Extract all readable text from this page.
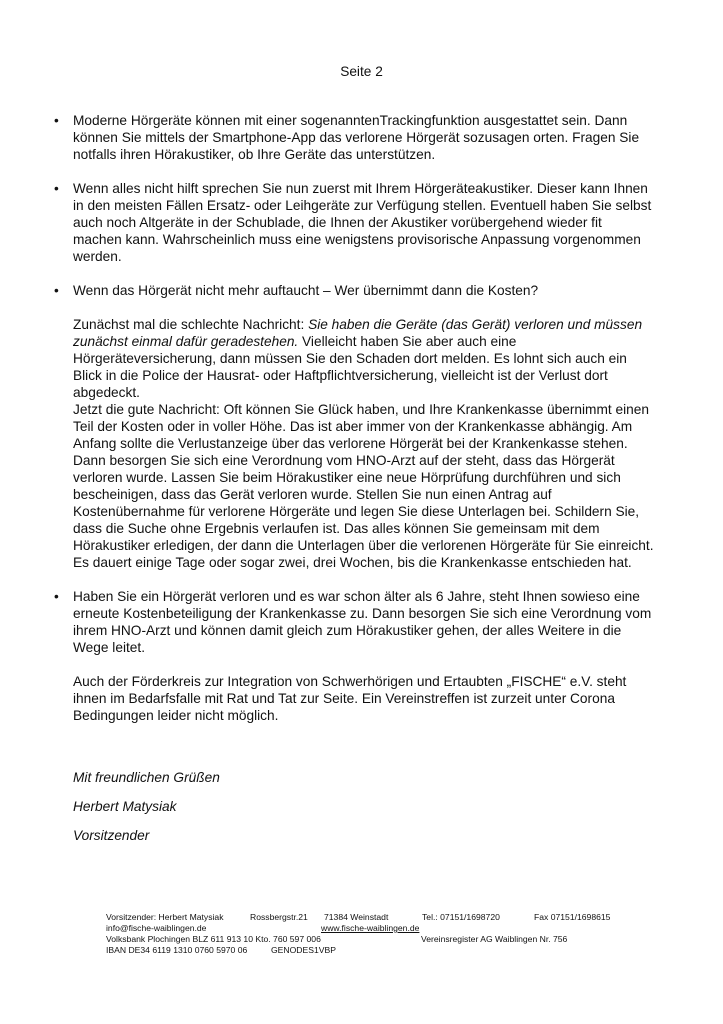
Seite 2
•	Moderne Hörgeräte können mit einer sogenanntenTrackingfunktion ausgestattet sein. Dann können Sie mittels der Smartphone-App das verlorene Hörgerät sozusagen orten. Fragen Sie notfalls ihren Hörakustiker, ob Ihre Geräte das unterstützen.

•	Wenn alles nicht hilft sprechen Sie nun zuerst mit Ihrem Hörgeräteakustiker. Dieser kann Ihnen in den meisten Fällen Ersatz- oder Leihgeräte zur Verfügung stellen. Eventuell haben Sie selbst auch noch Altgeräte in der Schublade, die Ihnen der Akustiker vorübergehend wieder fit machen kann. Wahrscheinlich muss eine wenigstens provisorische Anpassung vorgenommen werden.

•	Wenn das Hörgerät nicht mehr auftaucht – Wer übernimmt dann die Kosten?

Zunächst mal die schlechte Nachricht: Sie haben die Geräte (das Gerät) verloren und müssen zunächst einmal dafür geradestehen. Vielleicht haben Sie aber auch eine Hörgeräteversicherung, dann müssen Sie den Schaden dort melden. Es lohnt sich auch ein Blick in die Police der Hausrat- oder Haftpflichtversicherung, vielleicht ist der Verlust dort abgedeckt.

Jetzt die gute Nachricht: Oft können Sie Glück haben, und Ihre Krankenkasse übernimmt einen Teil der Kosten oder in voller Höhe. Das ist aber immer von der Krankenkasse abhängig. Am Anfang sollte die Verlustanzeige über das verlorene Hörgerät bei der Krankenkasse stehen. Dann besorgen Sie sich eine Verordnung vom HNO-Arzt auf der steht, dass das Hörgerät verloren wurde. Lassen Sie beim Hörakustiker eine neue Hörprüfung durchführen und sich bescheinigen, dass das Gerät verloren wurde. Stellen Sie nun einen Antrag auf Kostenübernahme für verlorene Hörgeräte und legen Sie diese Unterlagen bei. Schildern Sie, dass die Suche ohne Ergebnis verlaufen ist. Das alles können Sie gemeinsam mit dem Hörakustiker erledigen, der dann die Unterlagen über die verlorenen Hörgeräte für Sie einreicht. Es dauert einige Tage oder sogar zwei, drei Wochen, bis die Krankenkasse entschieden hat.

•	Haben Sie ein Hörgerät verloren und es war schon älter als 6 Jahre, steht Ihnen sowieso eine erneute Kostenbeteiligung der Krankenkasse zu. Dann besorgen Sie sich eine Verordnung vom ihrem HNO-Arzt und können damit gleich zum Hörakustiker gehen, der alles Weitere in die Wege leitet.

Auch der Förderkreis zur Integration von Schwerhörigen und Ertaubten „FISCHE“ e.V. steht ihnen im Bedarfsfalle mit Rat und Tat zur Seite. Ein Vereinstreffen ist zurzeit unter Corona Bedingungen leider nicht möglich.

Mit freundlichen Grüßen
Herbert Matysiak
Vorsitzender
Vorsitzender: Herbert Matysiak	Rossbergstr.21 71384 Weinstadt	Tel.: 07151/1698720	Fax 07151/1698615
info@fische-waiblingen.de	www.fische-waiblingen.de
Volksbank Plochingen BLZ 611 913 10 Kto. 760 597 006	Vereinsregister AG Waiblingen Nr. 756
IBAN DE34 6119 1310 0760 5970 06	GENODES1VBP
